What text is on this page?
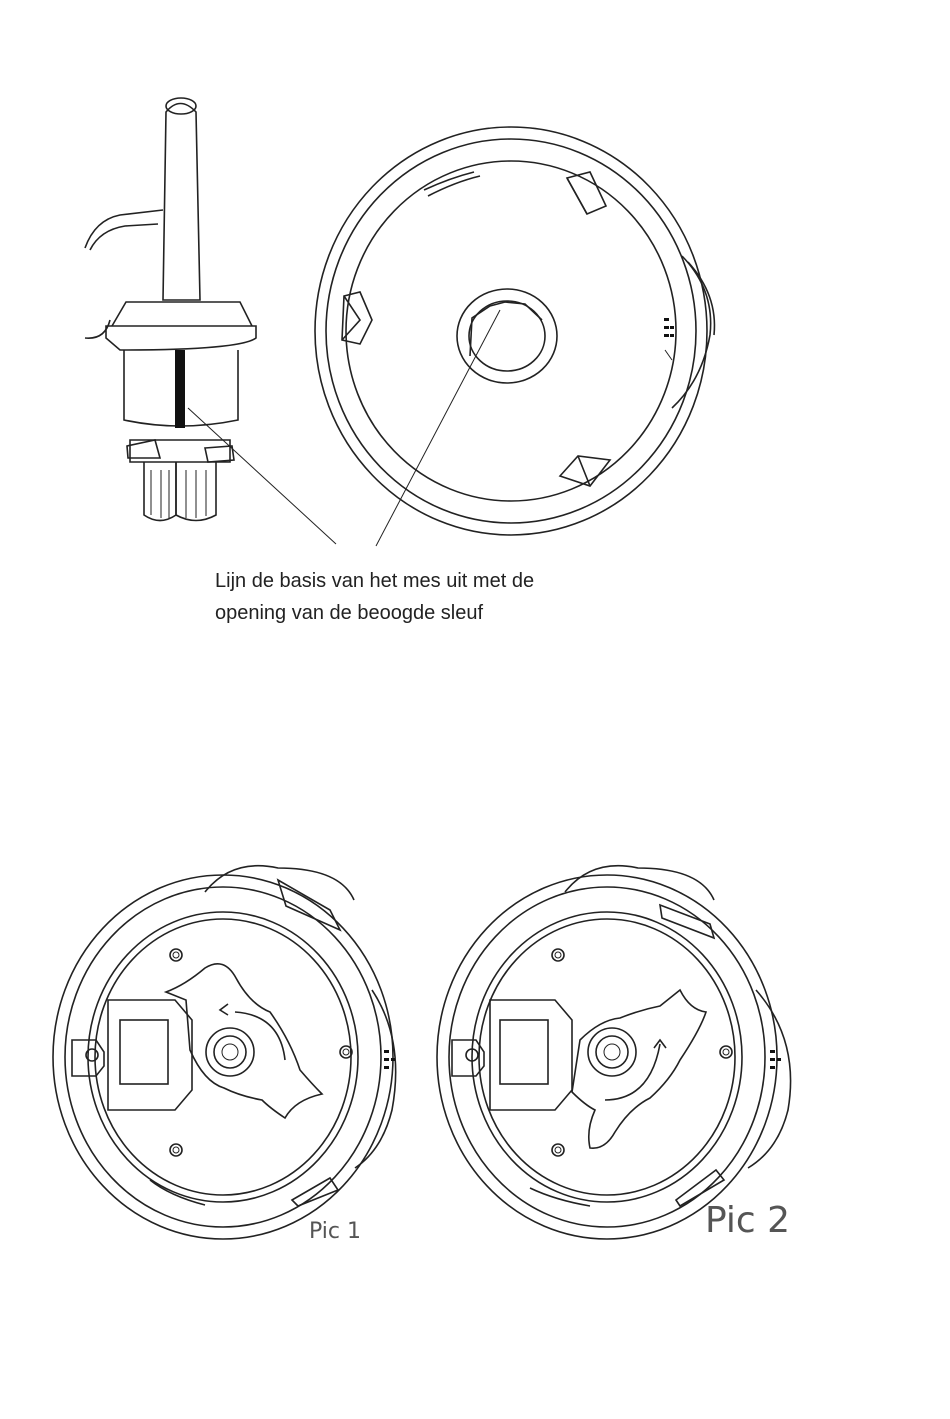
Lijn de basis van het mes uit met de
opening van de beoogde sleuf
Pic 1	Pic 2
